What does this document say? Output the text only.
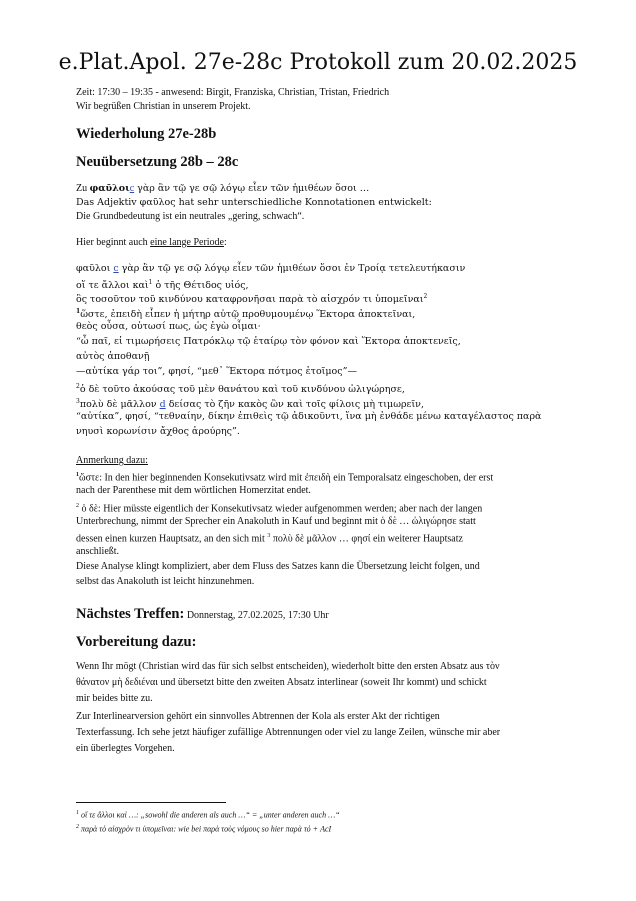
e.Plat.Apol. 27e-28c Protokoll zum 20.02.2025
Zeit: 17:30 – 19:35 - anwesend: Birgit, Franziska, Christian, Tristan, Friedrich
Wir begrüßen Christian in unserem Projekt.
Wiederholung 27e-28b
Neuübersetzung 28b – 28c
Zu φαῦλοιc γὰρ ἂν τῷ γε σῷ λόγῳ εἶεν τῶν ἡμιθέων ὅσοι …
Das Adjektiv φαῦλος hat sehr unterschiedliche Konnotationen entwickelt:
Die Grundbedeutung ist ein neutrales „gering, schwach“.
Hier beginnt auch eine lange Periode:
φαῦλοι c γὰρ ἂν τῷ γε σῷ λόγῳ εἶεν τῶν ἡμιθέων ὅσοι ἐν Τροίᾳ τετελευτήκασιν
οἵ τε ἄλλοι καὶ$^1$ ὁ τῆς Θέτιδος υἱός,
ὃς τοσοῦτον τοῦ κινδύνου καταφρονῆσαι παρὰ τὸ αἰσχρόν τι ὑπομεῖναι$^2$
$^1$ὥστε, ἐπειδὴ εἶπεν ἡ μήτηρ αὐτῷ προθυμουμένῳ Ἕκτορα ἀποκτεῖναι,
θεὸς οὖσα, οὑτωσί πως, ὡς ἐγὼ οἶμαι·
“ὦ παῖ, εἰ τιμωρήσεις Πατρόκλῳ τῷ ἑταίρῳ τὸν φόνον καὶ Ἕκτορα ἀποκτενεῖς,
αὐτὸς ἀποθανῇ
—αὐτίκα γάρ τοι”, φησί, “μεθ᾽ Ἕκτορα πότμος ἑτοῖμος”—
$^2$ὁ δὲ τοῦτο ἀκούσας τοῦ μὲν θανάτου καὶ τοῦ κινδύνου ὠλιγώρησε,
$^3$πολὺ δὲ μᾶλλον d δείσας τὸ ζῆν κακὸς ὢν καὶ τοῖς φίλοις μὴ τιμωρεῖν,
“αὐτίκα”, φησί, “τεθναίην, δίκην ἐπιθεὶς τῷ ἀδικοῦντι, ἵνα μὴ ἐνθάδε μένω καταγέλαστος παρὰ
νηυσὶ κορωνίσιν ἄχθος ἀρούρης”.
Anmerkung dazu:
$^1$ὥστε: In den hier beginnenden Konsekutivsatz wird mit ἐπειδὴ ein Temporalsatz eingeschoben, der erst
nach der Parenthese mit dem wörtlichen Homerzitat endet.
$^2$ ὁ δὲ: Hier müsste eigentlich der Konsekutivsatz wieder aufgenommen werden; aber nach der langen
Unterbrechung, nimmt der Sprecher ein Anakoluth in Kauf und beginnt mit ὁ δὲ … ὠλιγώρησε statt
dessen einen kurzen Hauptsatz, an den sich mit $^3$ πολὺ δὲ μᾶλλον … φησί ein weiterer Hauptsatz
anschließt.
Diese Analyse klingt kompliziert, aber dem Fluss des Satzes kann die Übersetzung leicht folgen, und
selbst das Anakoluth ist leicht hinzunehmen.
Nächstes Treffen: Donnerstag, 27.02.2025, 17:30 Uhr
Vorbereitung dazu:
Wenn Ihr mögt (Christian wird das für sich selbst entscheiden), wiederholt bitte den ersten Absatz aus τὸν
θάνατον μὴ δεδιέναι und übersetzt bitte den zweiten Absatz interlinear (soweit Ihr kommt) und schickt
mir beides bitte zu.
Zur Interlinearversion gehört ein sinnvolles Abtrennen der Kola als erster Akt der richtigen
Texterfassung. Ich sehe jetzt häufiger zufällige Abtrennungen oder viel zu lange Zeilen, wünsche mir aber
ein überlegtes Vorgehen.
$^1$ οἵ τε ἄλλοι καὶ …: „sowohl die anderen als auch …“ = „unter anderen auch …“
$^2$ παρὰ τὸ αἰσχρὸν τι ὑπομεῖναι: wie bei παρὰ τοὺς νόμους so hier παρὰ τό + AcI
